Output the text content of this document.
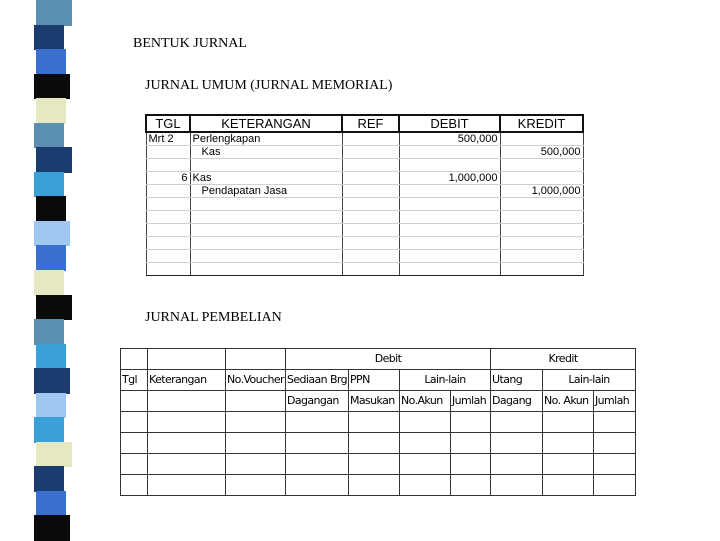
BENTUK JURNAL
JURNAL UMUM (JURNAL MEMORIAL)
TGL	KETERANGAN	REF	DEBIT	KREDIT
Mrt 2	Perlengkapan		500,000	
	Kas			500,000

6	Kas		1,000,000	
	Pendapatan Jasa			1,000,000

JURNAL PEMBELIAN
			Debit				Kredit		
Tgl	Keterangan	No.Voucher	Sediaan Brg	PPN	Lain-lain		Utang	Lain-lain	
			Dagangan	Masukan	No.Akun	Jumlah	Dagang	No. Akun	Jumlah
